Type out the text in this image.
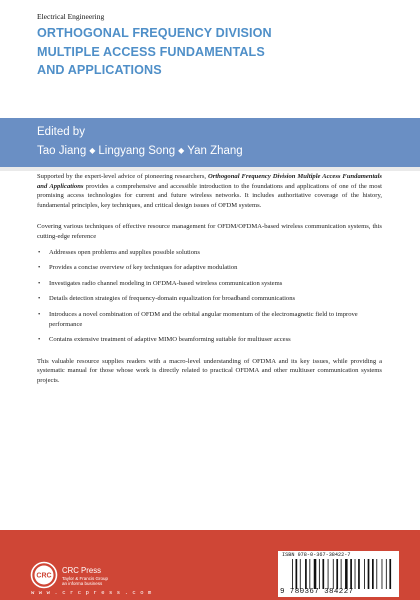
Electrical Engineering
ORTHOGONAL FREQUENCY DIVISION
MULTIPLE ACCESS FUNDAMENTALS
AND APPLICATIONS
Edited by
Tao Jiang ◆ Lingyang Song ◆ Yan Zhang

Supported by the expert-level advice of pioneering researchers, Orthogonal Frequency Division Multiple Access Fundamentals and Applications provides a comprehensive and accessible introduction to the foundations and applications of one of the most promising access technologies for current and future wireless networks. It includes authoritative coverage of the history, fundamental principles, key techniques, and critical design issues of OFDM systems.

Covering various techniques of effective resource management for OFDM/OFDMA-based wireless communication systems, this cutting-edge reference

• Addresses open problems and supplies possible solutions
• Provides a concise overview of key techniques for adaptive modulation
• Investigates radio channel modeling in OFDMA-based wireless communication systems
• Details detection strategies of frequency-domain equalization for broadband communications
• Introduces a novel combination of OFDM and the orbital angular momentum of the electromagnetic field to improve performance
• Contains extensive treatment of adaptive MIMO beamforming suitable for multiuser access

This valuable resource supplies readers with a macro-level understanding of OFDMA and its key issues, while providing a systematic manual for those whose work is directly related to practical OFDMA and other multiuser communication systems projects.

CRC
CRC Press
Taylor & Francis Group
an informa business
w w w . c r c p r e s s . c o m
ISBN 978-0-367-38422-7
9 780367 384227
